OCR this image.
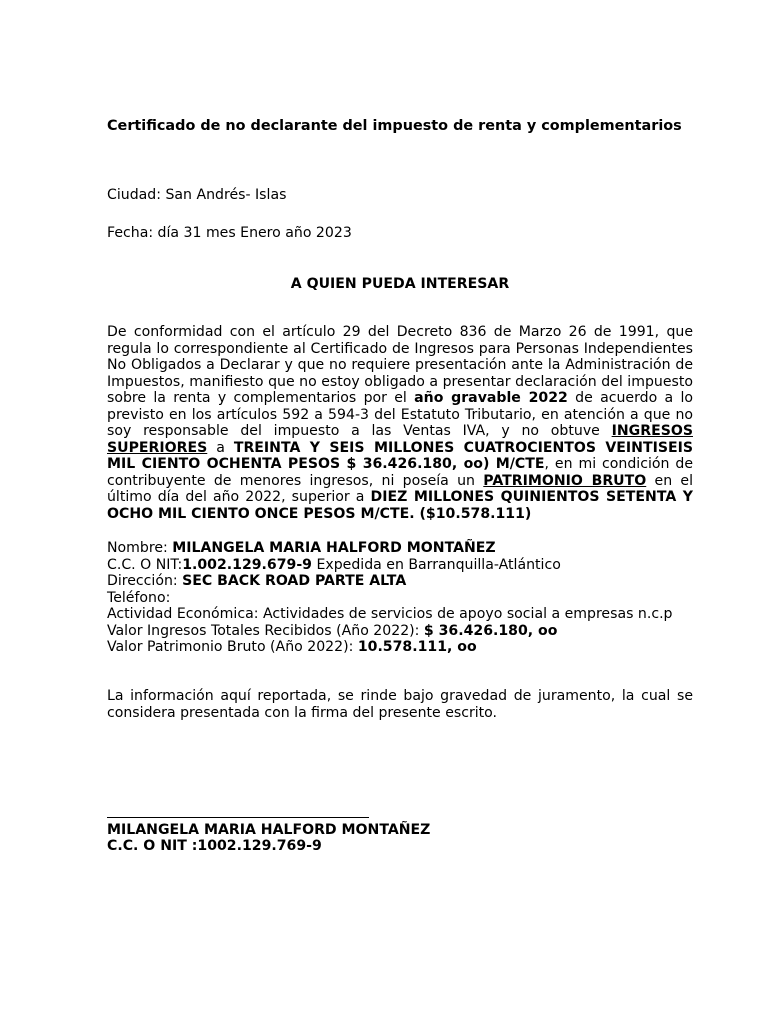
Certificado de no declarante del impuesto de renta y complementarios
Ciudad: San Andrés- Islas
Fecha: día 31 mes Enero año 2023
A QUIEN PUEDA INTERESAR
De conformidad con el artículo 29 del Decreto 836 de Marzo 26 de 1991, que regula lo correspondiente al Certificado de Ingresos para Personas Independientes No Obligados a Declarar y que no requiere presentación ante la Administración de Impuestos, manifiesto que no estoy obligado a presentar declaración del impuesto sobre la renta y complementarios por el año gravable 2022 de acuerdo a lo previsto en los artículos 592 a 594-3 del Estatuto Tributario, en atención a que no soy responsable del impuesto a las Ventas IVA, y no obtuve INGRESOS SUPERIORES a TREINTA Y SEIS MILLONES CUATROCIENTOS VEINTISEIS MIL CIENTO OCHENTA PESOS $ 36.426.180, oo) M/CTE, en mi condición de contribuyente de menores ingresos, ni poseía un PATRIMONIO BRUTO en el último día del año 2022, superior a DIEZ MILLONES QUINIENTOS SETENTA Y OCHO MIL CIENTO ONCE PESOS M/CTE. ($10.578.111)
Nombre: MILANGELA MARIA HALFORD MONTAÑEZ
C.C. O NIT:1.002.129.679-9 Expedida en Barranquilla-Atlántico
Dirección: SEC BACK ROAD PARTE ALTA
Teléfono:
Actividad Económica: Actividades de servicios de apoyo social a empresas n.c.p
Valor Ingresos Totales Recibidos (Año 2022): $ 36.426.180, oo
Valor Patrimonio Bruto (Año 2022): 10.578.111, oo
La información aquí reportada, se rinde bajo gravedad de juramento, la cual se considera presentada con la firma del presente escrito.
MILANGELA MARIA HALFORD MONTAÑEZ
C.C. O NIT :1002.129.769-9
